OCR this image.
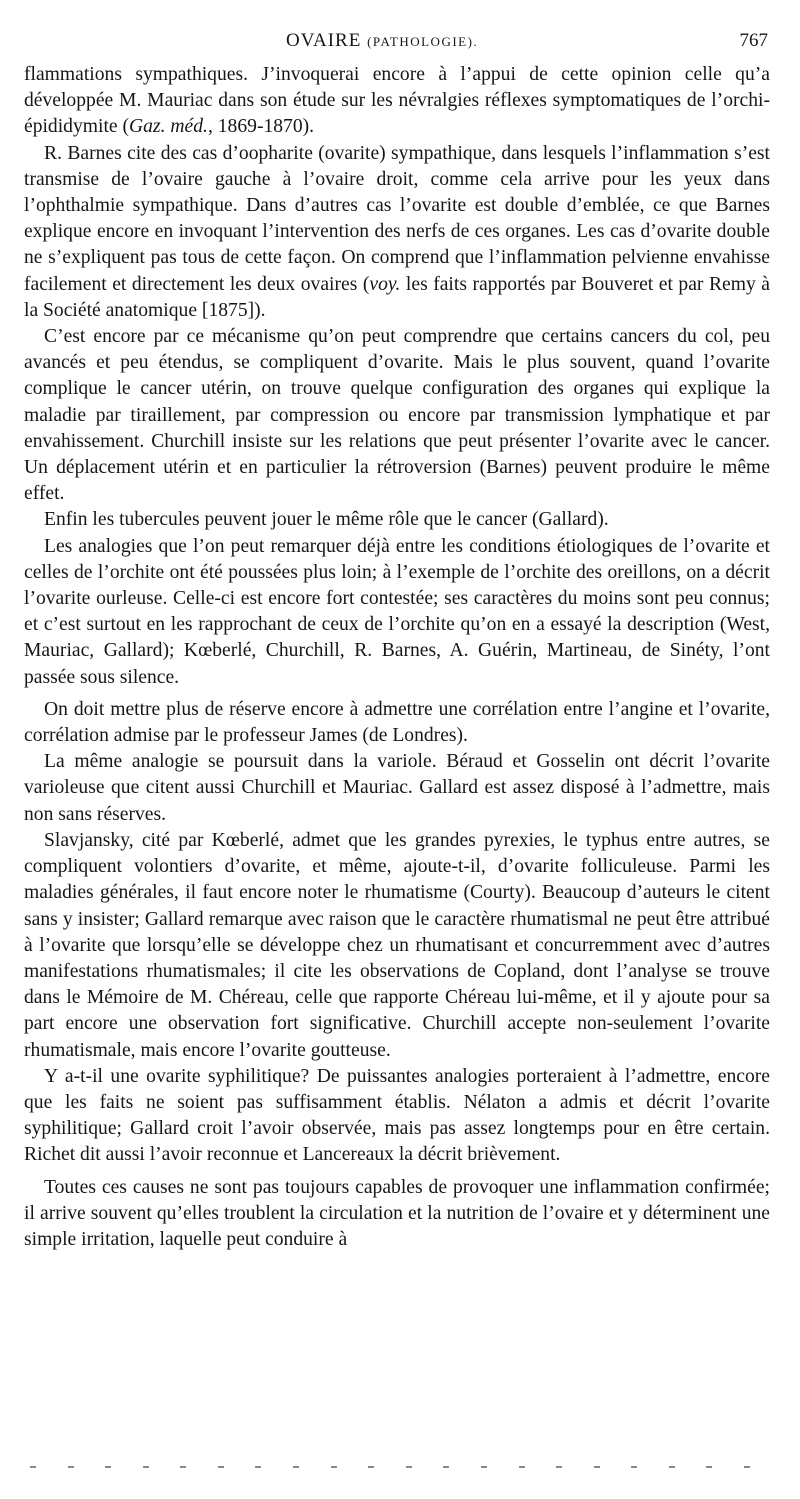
OVAIRE (PATHOLOGIE).	767

flammations sympathiques. J’invoquerai encore à l’appui de cette opinion celle qu’a développée M. Mauriac dans son étude sur les névralgies réflexes symptomatiques de l’orchi-épididymite (Gaz. méd., 1869-1870).

R. Barnes cite des cas d’oopharite (ovarite) sympathique, dans lesquels l’inflammation s’est transmise de l’ovaire gauche à l’ovaire droit, comme cela arrive pour les yeux dans l’ophthalmie sympathique. Dans d’autres cas l’ovarite est double d’emblée, ce que Barnes explique encore en invoquant l’intervention des nerfs de ces organes. Les cas d’ovarite double ne s’expliquent pas tous de cette façon. On comprend que l’inflammation pelvienne envahisse facilement et directement les deux ovaires (voy. les faits rapportés par Bouveret et par Remy à la Société anatomique [1875]).

C’est encore par ce mécanisme qu’on peut comprendre que certains cancers du col, peu avancés et peu étendus, se compliquent d’ovarite. Mais le plus souvent, quand l’ovarite complique le cancer utérin, on trouve quelque configuration des organes qui explique la maladie par tiraillement, par compression ou encore par transmission lymphatique et par envahissement. Churchill insiste sur les relations que peut présenter l’ovarite avec le cancer. Un déplacement utérin et en particulier la rétroversion (Barnes) peuvent produire le même effet.

Enfin les tubercules peuvent jouer le même rôle que le cancer (Gallard).

Les analogies que l’on peut remarquer déjà entre les conditions étiologiques de l’ovarite et celles de l’orchite ont été poussées plus loin; à l’exemple de l’orchite des oreillons, on a décrit l’ovarite ourleuse. Celle-ci est encore fort contestée; ses caractères du moins sont peu connus; et c’est surtout en les rapprochant de ceux de l’orchite qu’on en a essayé la description (West, Mauriac, Gallard); Kœberlé, Churchill, R. Barnes, A. Guérin, Martineau, de Sinéty, l’ont passée sous silence.

On doit mettre plus de réserve encore à admettre une corrélation entre l’angine et l’ovarite, corrélation admise par le professeur James (de Londres).

La même analogie se poursuit dans la variole. Béraud et Gosselin ont décrit l’ovarite varioleuse que citent aussi Churchill et Mauriac. Gallard est assez disposé à l’admettre, mais non sans réserves.

Slavjansky, cité par Kœberlé, admet que les grandes pyrexies, le typhus entre autres, se compliquent volontiers d’ovarite, et même, ajoute-t-il, d’ovarite folliculeuse. Parmi les maladies générales, il faut encore noter le rhumatisme (Courty). Beaucoup d’auteurs le citent sans y insister; Gallard remarque avec raison que le caractère rhumatismal ne peut être attribué à l’ovarite que lorsqu’elle se développe chez un rhumatisant et concurremment avec d’autres manifestations rhumatismales; il cite les observations de Copland, dont l’analyse se trouve dans le Mémoire de M. Chéreau, celle que rapporte Chéreau lui-même, et il y ajoute pour sa part encore une observation fort significative. Churchill accepte non-seulement l’ovarite rhumatismale, mais encore l’ovarite goutteuse.

Y a-t-il une ovarite syphilitique? De puissantes analogies porteraient à l’admettre, encore que les faits ne soient pas suffisamment établis. Nélaton a admis et décrit l’ovarite syphilitique; Gallard croit l’avoir observée, mais pas assez longtemps pour en être certain. Richet dit aussi l’avoir reconnue et Lancereaux la décrit brièvement.

Toutes ces causes ne sont pas toujours capables de provoquer une inflammation confirmée; il arrive souvent qu’elles troublent la circulation et la nutrition de l’ovaire et y déterminent une simple irritation, laquelle peut conduire à
